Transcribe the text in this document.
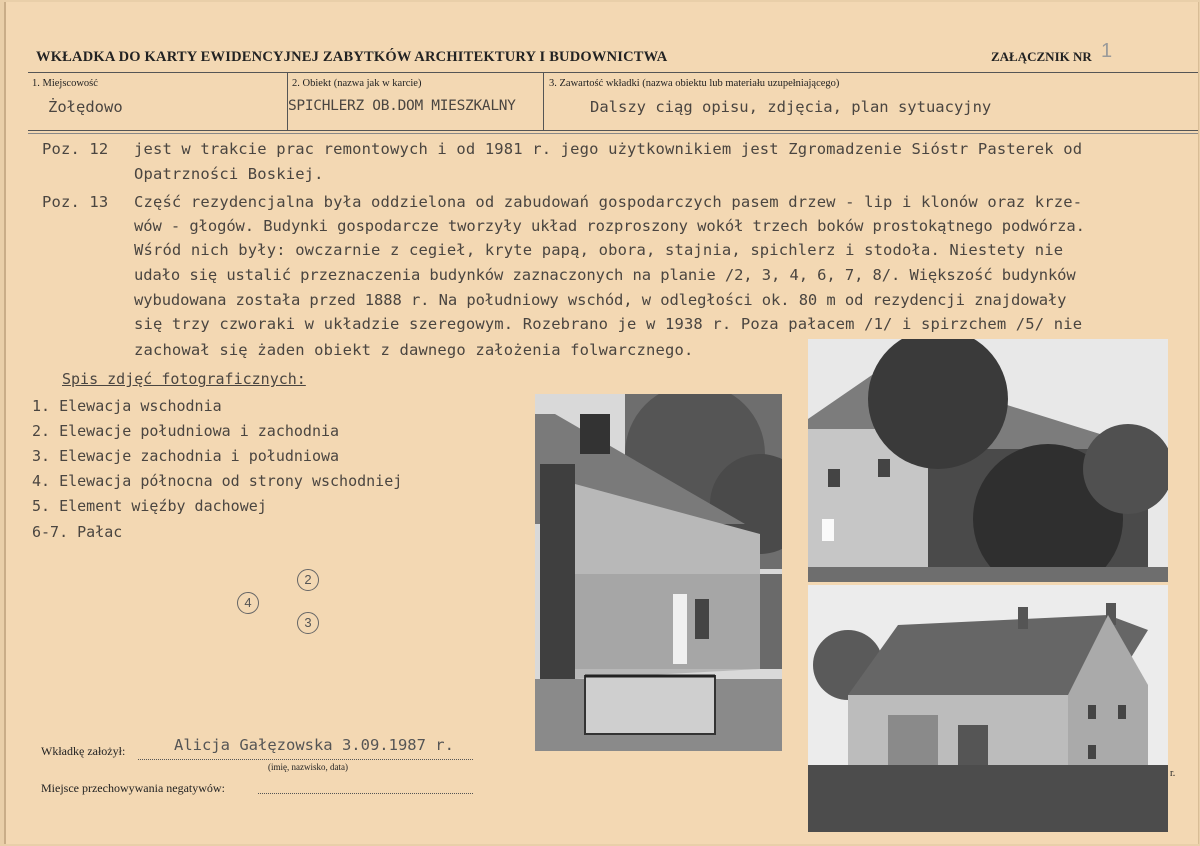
WKŁADKA DO KARTY EWIDENCYJNEJ ZABYTKÓW ARCHITEKTURY I BUDOWNICTWA	ZAŁĄCZNIK NR 1
1. Miejscowość
Żołędowo
2. Obiekt (nazwa jak w karcie)
SPICHLERZ OB.DOM MIESZKALNY
3. Zawartość wkładki (nazwa obiektu lub materiału uzupełniającego)
Dalszy ciąg opisu, zdjęcia, plan sytuacyjny
Poz. 12 jest w trakcie prac remontowych i od 1981 r. jego użytkownikiem jest Zgromadzenie Sióstr Pasterek od
Opatrzności Boskiej.
Poz. 13 Część rezydencjalna była oddzielona od zabudowań gospodarczych pasem drzew - lip i klonów oraz krze-
wów - głogów. Budynki gospodarcze tworzyły układ rozproszony wokół trzech boków prostokątnego podwórza.
Wśród nich były: owczarnie z cegieł, kryte papą, obora, stajnia, spichlerz i stodoła. Niestety nie
udało się ustalić przeznaczenia budynków zaznaczonych na planie /2, 3, 4, 6, 7, 8/. Większość budynków
wybudowana została przed 1888 r. Na południowy wschód, w odległości ok. 80 m od rezydencji znajdowały
się trzy czworaki w układzie szeregowym. Rozebrano je w 1938 r. Poza pałacem /1/ i spirzchem /5/ nie
zachował się żaden obiekt z dawnego założenia folwarcznego.
Spis zdjęć fotograficznych:
1. Elewacja wschodnia
2. Elewacje południowa i zachodnia
3. Elewacje zachodnia i południowa
4. Elewacja północna od strony wschodniej
5. Element więźby dachowej
6-7. Pałac
4
2
3
Wkładkę założył:	Alicja Gałęzowska 3.09.1987 r.
(imię, nazwisko, data)
Miejsce przechowywania negatywów:
r.
